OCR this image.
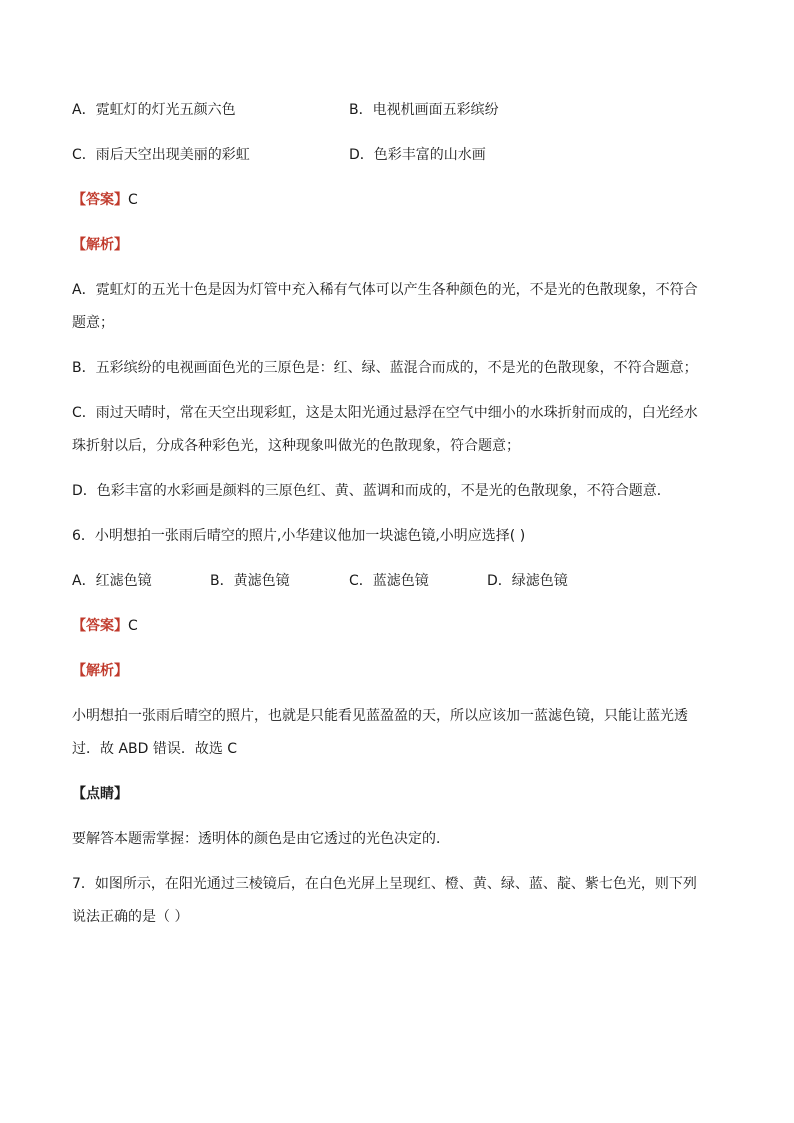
A．霓虹灯的灯光五颜六色	B．电视机画面五彩缤纷
C．雨后天空出现美丽的彩虹	D．色彩丰富的山水画
【答案】C
【解析】
A．霓虹灯的五光十色是因为灯管中充入稀有气体可以产生各种颜色的光，不是光的色散现象，不符合
题意；
B．五彩缤纷的电视画面色光的三原色是：红、绿、蓝混合而成的，不是光的色散现象，不符合题意；
C．雨过天晴时，常在天空出现彩虹，这是太阳光通过悬浮在空气中细小的水珠折射而成的，白光经水
珠折射以后，分成各种彩色光，这种现象叫做光的色散现象，符合题意；
D．色彩丰富的水彩画是颜料的三原色红、黄、蓝调和而成的，不是光的色散现象，不符合题意．
6．小明想拍一张雨后晴空的照片,小华建议他加一块滤色镜,小明应选择( )
A．红滤色镜	B．黄滤色镜	C．蓝滤色镜	D．绿滤色镜
【答案】C
【解析】
小明想拍一张雨后晴空的照片，也就是只能看见蓝盈盈的天，所以应该加一蓝滤色镜，只能让蓝光透
过．故 ABD 错误．故选 C
【点睛】
要解答本题需掌握：透明体的颜色是由它透过的光色决定的．
7．如图所示，在阳光通过三棱镜后，在白色光屏上呈现红、橙、黄、绿、蓝、靛、紫七色光，则下列
说法正确的是（ ）
